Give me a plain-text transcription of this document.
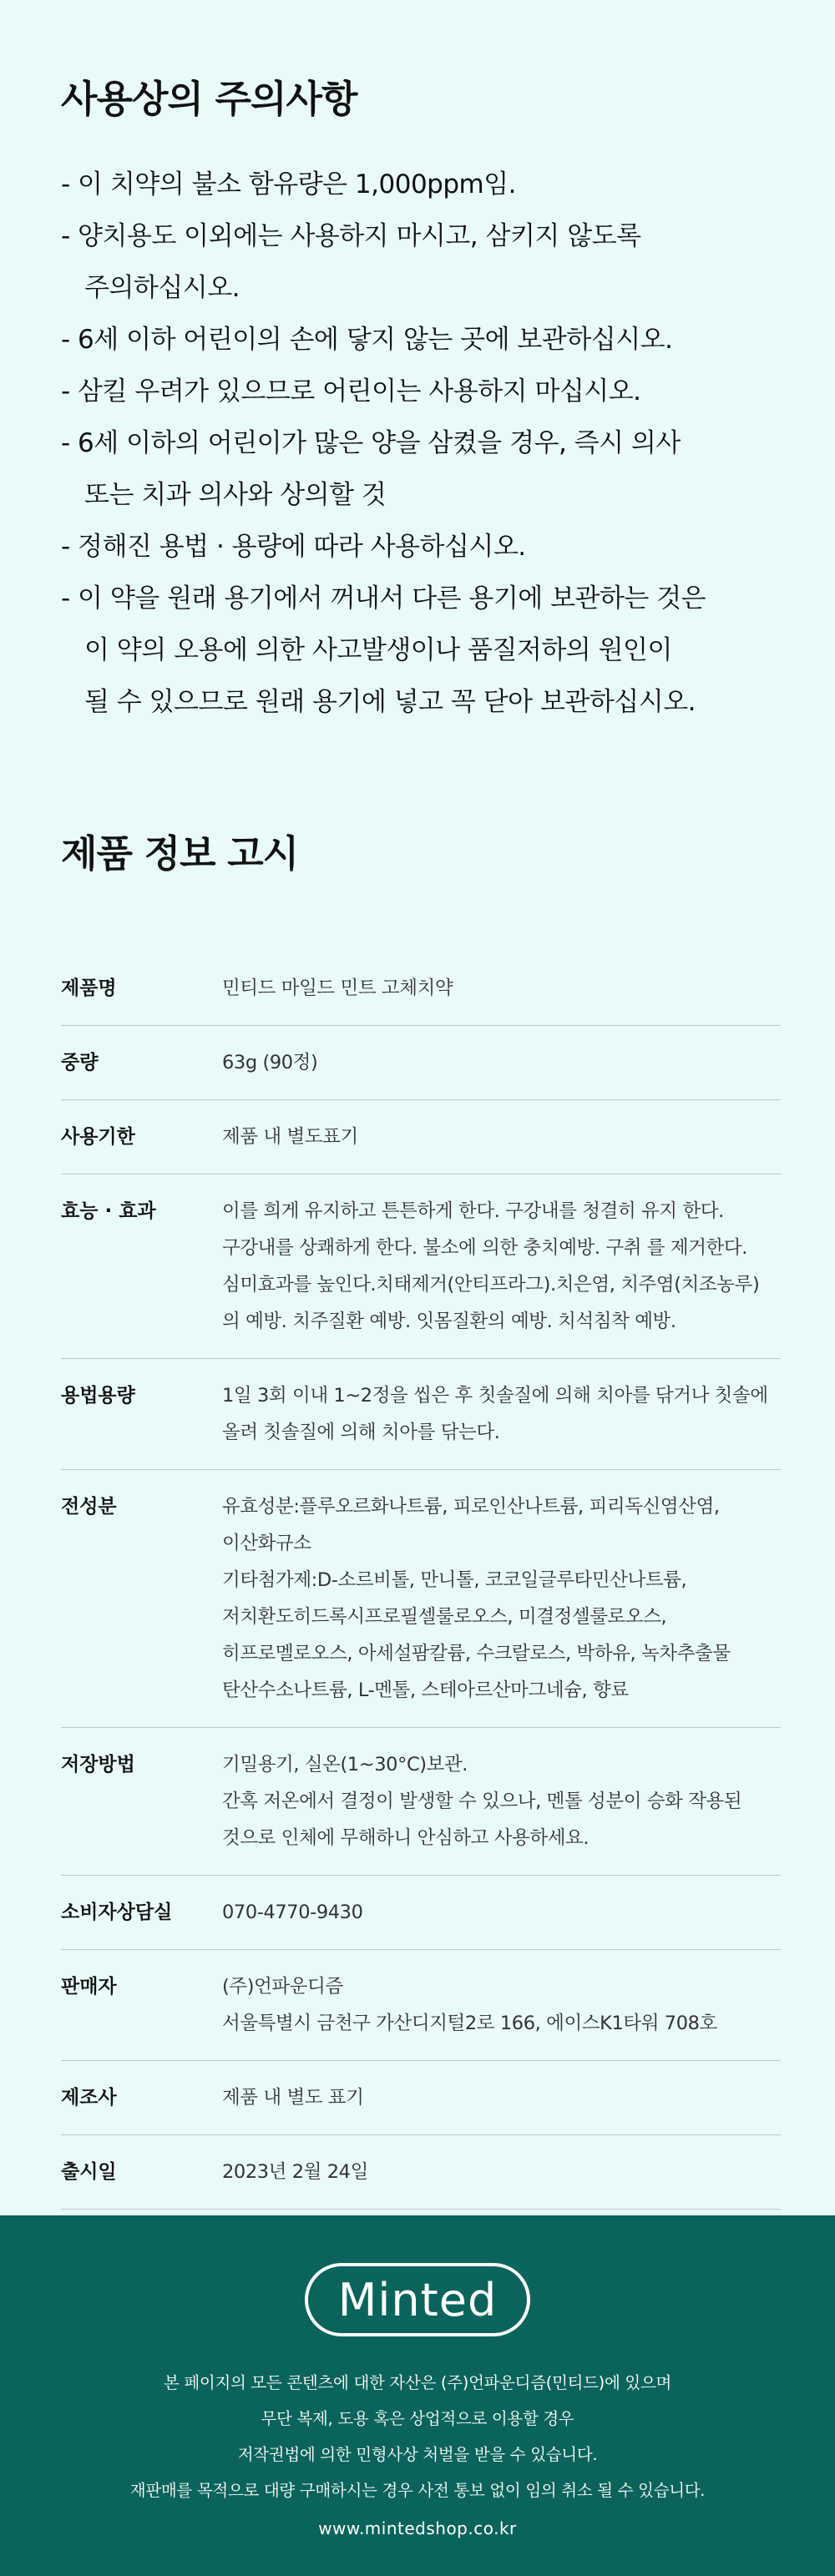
사용상의 주의사항
- 이 치약의 불소 함유량은 1,000ppm임.
- 양치용도 이외에는 사용하지 마시고, 삼키지 않도록
주의하십시오.
- 6세 이하 어린이의 손에 닿지 않는 곳에 보관하십시오.
- 삼킬 우려가 있으므로 어린이는 사용하지 마십시오.
- 6세 이하의 어린이가 많은 양을 삼켰을 경우, 즉시 의사
또는 치과 의사와 상의할 것
- 정해진 용법 · 용량에 따라 사용하십시오.
- 이 약을 원래 용기에서 꺼내서 다른 용기에 보관하는 것은
이 약의 오용에 의한 사고발생이나 품질저하의 원인이
될 수 있으므로 원래 용기에 넣고 꼭 닫아 보관하십시오.
제품 정보 고시
제품명	민티드 마일드 민트 고체치약
중량	63g (90정)
사용기한	제품 내 별도표기
효능 · 효과	이를 희게 유지하고 튼튼하게 한다. 구강내를 청결히 유지 한다.
구강내를 상쾌하게 한다. 불소에 의한 충치예방. 구취 를 제거한다.
심미효과를 높인다.치태제거(안티프라그).치은염, 치주염(치조농루)
의 예방. 치주질환 예방. 잇몸질환의 예방. 치석침착 예방.
용법용량	1일 3회 이내 1~2정을 씹은 후 칫솔질에 의해 치아를 닦거나 칫솔에
올려 칫솔질에 의해 치아를 닦는다.
전성분	유효성분:플루오르화나트륨, 피로인산나트륨, 피리독신염산염,
이산화규소
기타첨가제:D-소르비톨, 만니톨, 코코일글루타민산나트륨,
저치환도히드록시프로필셀룰로오스, 미결정셀룰로오스,
히프로멜로오스, 아세설팜칼륨, 수크랄로스, 박하유, 녹차추출물
탄산수소나트륨, L-멘톨, 스테아르산마그네슘, 향료
저장방법	기밀용기, 실온(1~30°C)보관.
간혹 저온에서 결정이 발생할 수 있으나, 멘톨 성분이 승화 작용된
것으로 인체에 무해하니 안심하고 사용하세요.
소비자상담실	070-4770-9430
판매자	(주)언파운디즘
서울특별시 금천구 가산디지털2로 166, 에이스K1타워 708호
제조사	제품 내 별도 표기
출시일	2023년 2월 24일
Minted
본 페이지의 모든 콘텐츠에 대한 자산은 (주)언파운디즘(민티드)에 있으며
무단 복제, 도용 혹은 상업적으로 이용할 경우
저작권법에 의한 민형사상 처벌을 받을 수 있습니다.
재판매를 목적으로 대량 구매하시는 경우 사전 통보 없이 임의 취소 될 수 있습니다.
www.mintedshop.co.kr
